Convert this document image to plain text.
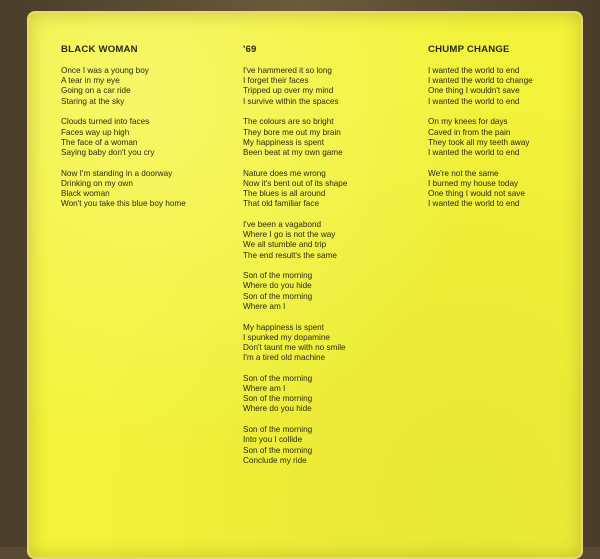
BLACK WOMAN
Once I was a young boy
A tear in my eye
Going on a car ride
Staring at the sky
Clouds turned into faces
Faces way up high
The face of a woman
Saying baby don't you cry
Now I'm standing in a doorway
Drinking on my own
Black woman
Won't you take this blue boy home
'69
I've hammered it so long
I forget their faces
Tripped up over my mind
I survive within the spaces
The colours are so bright
They bore me out my brain
My happiness is spent
Been beat at my own game
Nature does me wrong
Now it's bent out of its shape
The blues is all around
That old familiar face
I've been a vagabond
Where I go is not the way
We all stumble and trip
The end result's the same
Son of the morning
Where do you hide
Son of the morning
Where am I
My happiness is spent
I spunked my dopamine
Don't taunt me with no smile
I'm a tired old machine
Son of the morning
Where am I
Son of the morning
Where do you hide
Son of the morning
Into you I collide
Son of the morning
Conclude my ride
CHUMP CHANGE
I wanted the world to end
I wanted the world to change
One thing I wouldn't save
I wanted the world to end
On my knees for days
Caved in from the pain
They took all my teeth away
I wanted the world to end
We're not the same
I burned my house today
One thing I would not save
I wanted the world to end
